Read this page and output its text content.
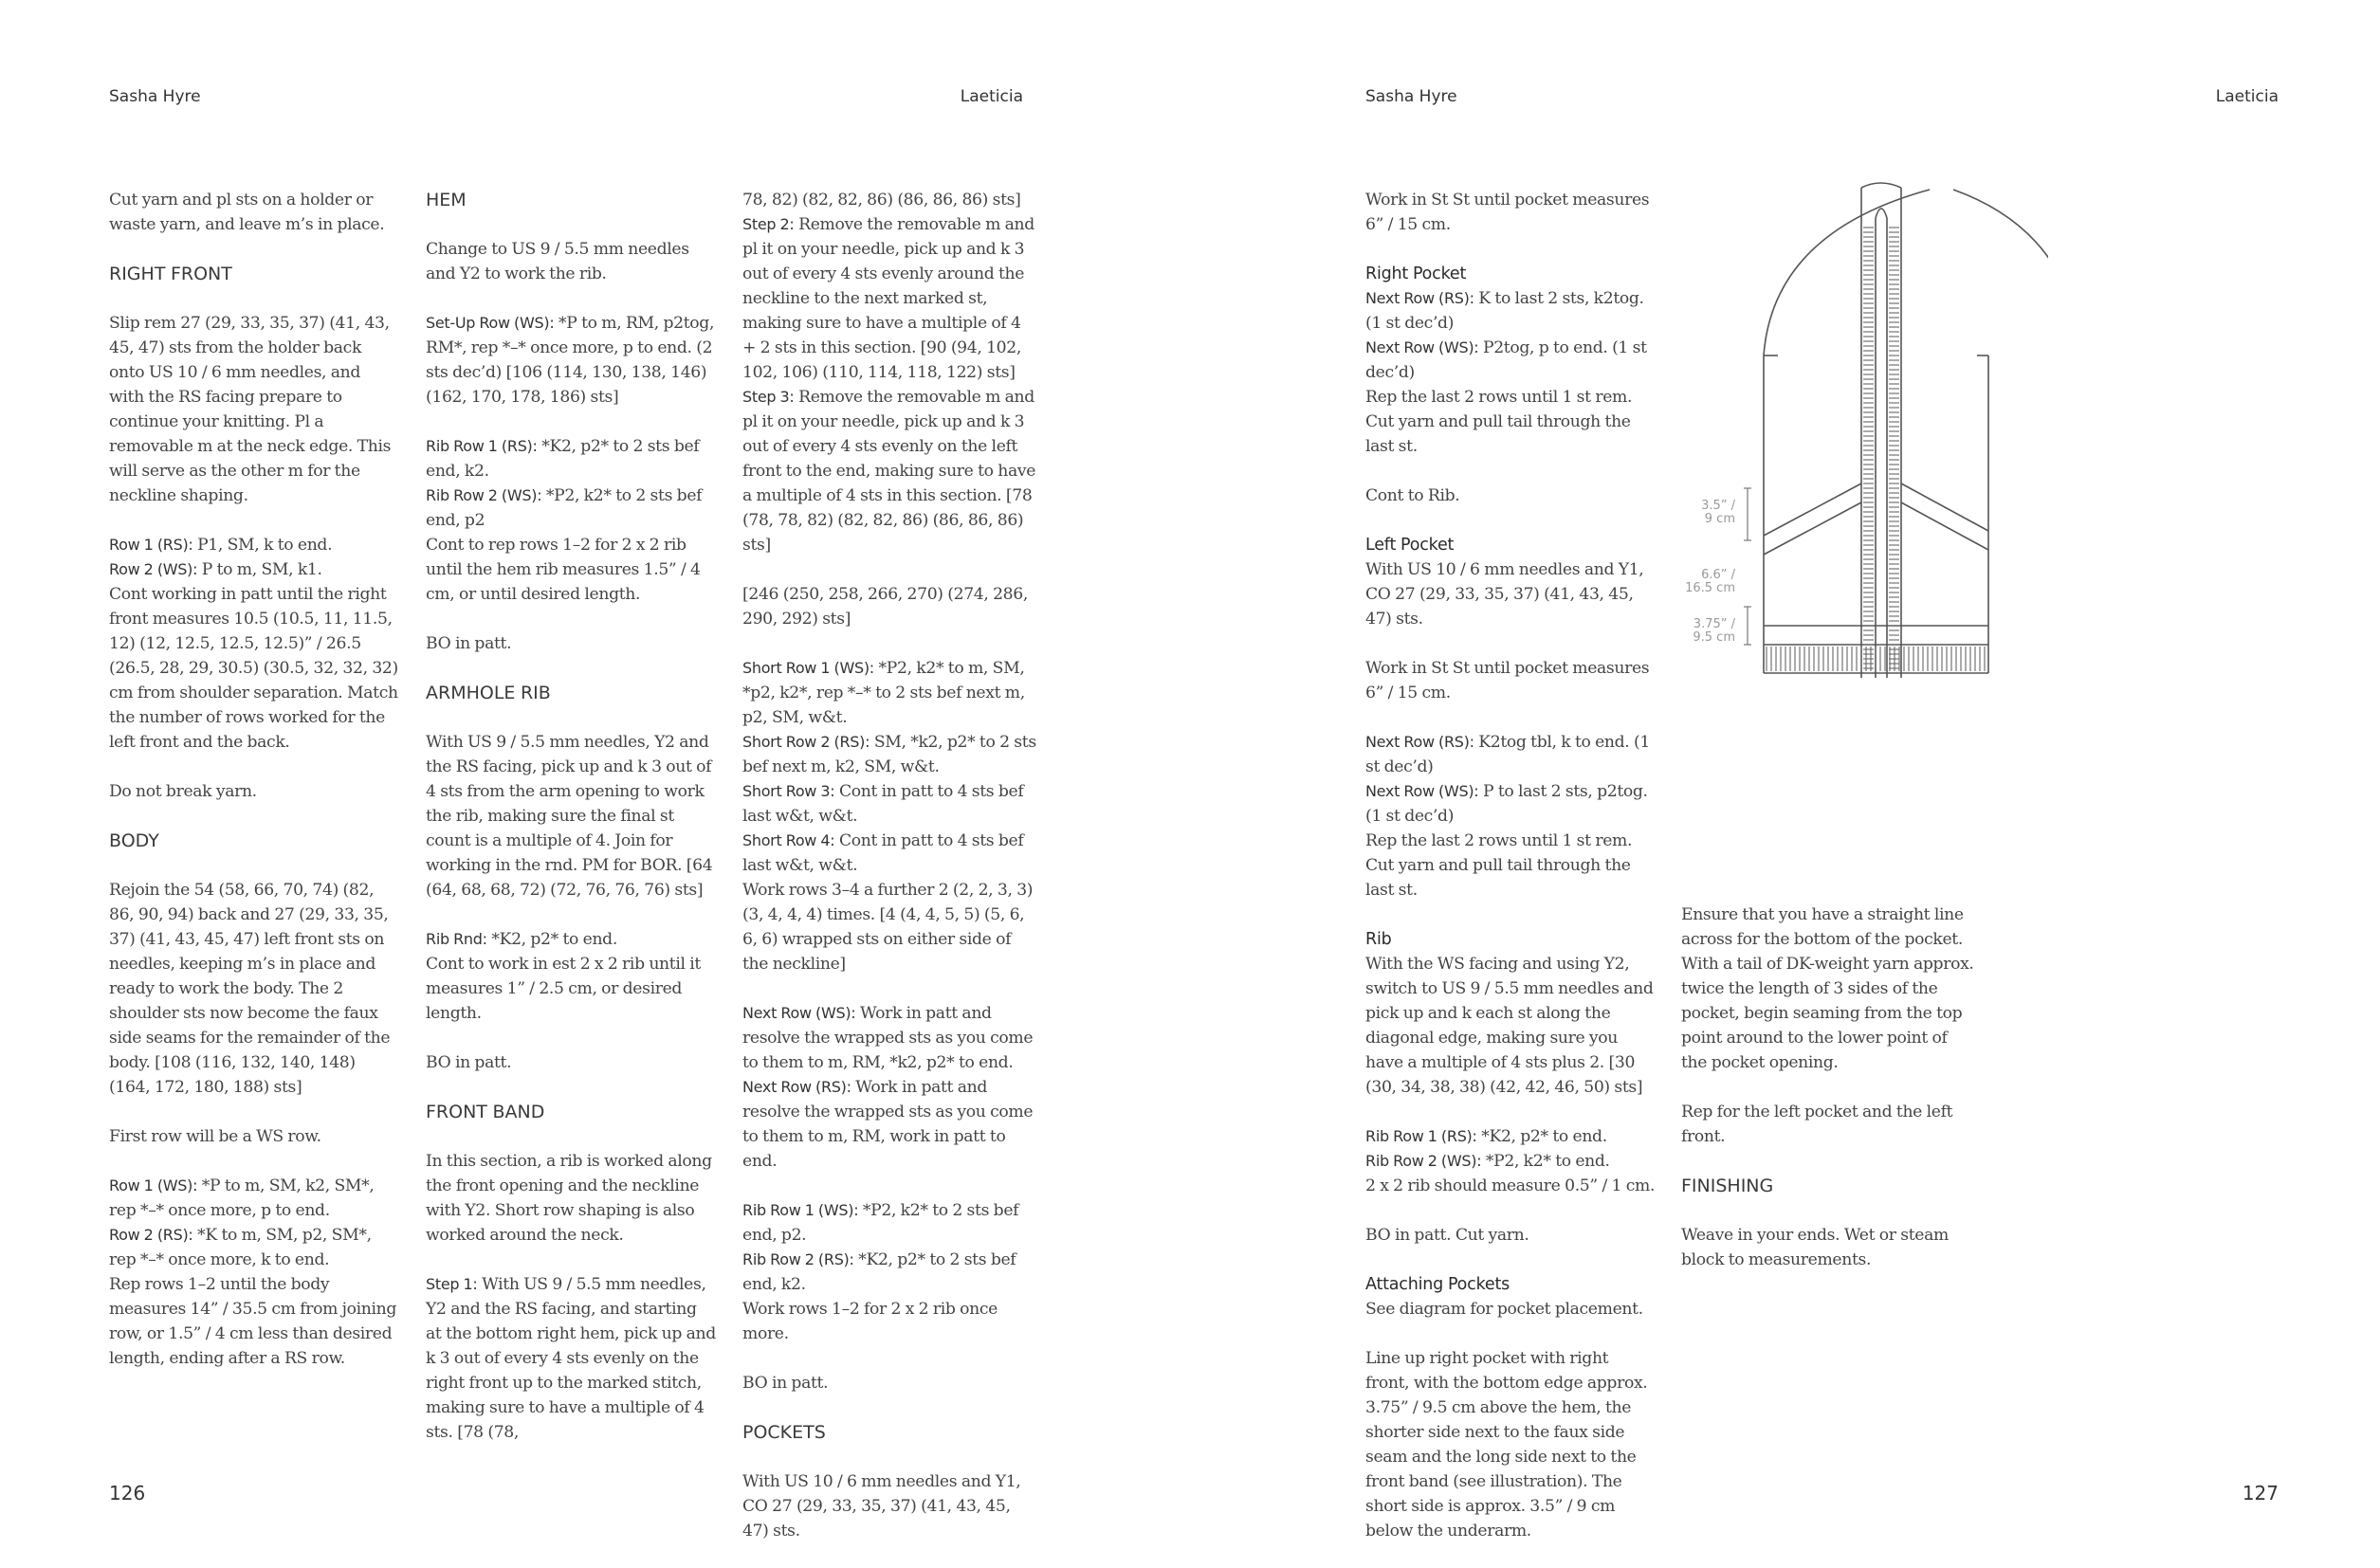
Sasha Hyre	Laeticia

Cut yarn and pl sts on a holder or waste yarn, and leave m’s in place.

RIGHT FRONT

Slip rem 27 (29, 33, 35, 37) (41, 43, 45, 47) sts from the holder back onto US 10 / 6 mm needles, and with the RS facing prepare to continue your knitting. Pl a removable m at the neck edge. This will serve as the other m for the neckline shaping.

Row 1 (RS): P1, SM, k to end.

Row 2 (WS): P to m, SM, k1.

Cont working in patt until the right front measures 10.5 (10.5, 11, 11.5, 12) (12, 12.5, 12.5, 12.5)” / 26.5 (26.5, 28, 29, 30.5) (30.5, 32, 32, 32) cm from shoulder separation. Match the number of rows worked for the left front and the back.

Do not break yarn.

BODY

Rejoin the 54 (58, 66, 70, 74) (82, 86, 90, 94) back and 27 (29, 33, 35, 37) (41, 43, 45, 47) left front sts on needles, keeping m’s in place and ready to work the body. The 2 shoulder sts now become the faux side seams for the remainder of the body. [108 (116, 132, 140, 148) (164, 172, 180, 188) sts]

First row will be a WS row.

Row 1 (WS): *P to m, SM, k2, SM*, rep *–* once more, p to end.

Row 2 (RS): *K to m, SM, p2, SM*, rep *–* once more, k to end.

Rep rows 1–2 until the body measures 14” / 35.5 cm from joining row, or 1.5” / 4 cm less than desired length, ending after a RS row.

HEM

Change to US 9 / 5.5 mm needles and Y2 to work the rib.

Set-Up Row (WS): *P to m, RM, p2tog, RM*, rep *–* once more, p to end. (2 sts dec’d) [106 (114, 130, 138, 146) (162, 170, 178, 186) sts]

Rib Row 1 (RS): *K2, p2* to 2 sts bef end, k2.

Rib Row 2 (WS): *P2, k2* to 2 sts bef end, p2

Cont to rep rows 1–2 for 2 x 2 rib until the hem rib measures 1.5” / 4 cm, or until desired length.

BO in patt.

ARMHOLE RIB

With US 9 / 5.5 mm needles, Y2 and the RS facing, pick up and k 3 out of 4 sts from the arm opening to work the rib, making sure the final st count is a multiple of 4. Join for working in the rnd. PM for BOR. [64 (64, 68, 68, 72) (72, 76, 76, 76) sts]

Rib Rnd: *K2, p2* to end.

Cont to work in est 2 x 2 rib until it measures 1” / 2.5 cm, or desired length.

BO in patt.

FRONT BAND

In this section, a rib is worked along the front opening and the neckline with Y2. Short row shaping is also worked around the neck.

Step 1: With US 9 / 5.5 mm needles, Y2 and the RS facing, and starting at the bottom right hem, pick up and k 3 out of every 4 sts evenly on the right front up to the marked stitch, making sure to have a multiple of 4 sts. [78 (78,

78, 82) (82, 82, 86) (86, 86, 86) sts]

Step 2: Remove the removable m and pl it on your needle, pick up and k 3 out of every 4 sts evenly around the neckline to the next marked st, making sure to have a multiple of 4 + 2 sts in this section. [90 (94, 102, 102, 106) (110, 114, 118, 122) sts]

Step 3: Remove the removable m and pl it on your needle, pick up and k 3 out of every 4 sts evenly on the left front to the end, making sure to have a multiple of 4 sts in this section. [78 (78, 78, 82) (82, 82, 86) (86, 86, 86) sts]

[246 (250, 258, 266, 270) (274, 286, 290, 292) sts]

Short Row 1 (WS): *P2, k2* to m, SM, *p2, k2*, rep *–* to 2 sts bef next m, p2, SM, w&t.

Short Row 2 (RS): SM, *k2, p2* to 2 sts bef next m, k2, SM, w&t.

Short Row 3: Cont in patt to 4 sts bef last w&t, w&t.

Short Row 4: Cont in patt to 4 sts bef last w&t, w&t.

Work rows 3–4 a further 2 (2, 2, 3, 3) (3, 4, 4, 4) times. [4 (4, 4, 5, 5) (5, 6, 6, 6) wrapped sts on either side of the neckline]

Next Row (WS): Work in patt and resolve the wrapped sts as you come to them to m, RM, *k2, p2* to end.

Next Row (RS): Work in patt and resolve the wrapped sts as you come to them to m, RM, work in patt to end.

Rib Row 1 (WS): *P2, k2* to 2 sts bef end, p2.

Rib Row 2 (RS): *K2, p2* to 2 sts bef end, k2.

Work rows 1–2 for 2 x 2 rib once more.

BO in patt.

POCKETS

With US 10 / 6 mm needles and Y1, CO 27 (29, 33, 35, 37) (41, 43, 45, 47) sts.

126
Sasha Hyre	Laeticia

Work in St St until pocket measures 6” / 15 cm.

Right Pocket

Next Row (RS): K to last 2 sts, k2tog. (1 st dec’d)

Next Row (WS): P2tog, p to end. (1 st dec’d)

Rep the last 2 rows until 1 st rem. Cut yarn and pull tail through the last st.

Cont to Rib.

Left Pocket

With US 10 / 6 mm needles and Y1, CO 27 (29, 33, 35, 37) (41, 43, 45, 47) sts.

Work in St St until pocket measures 6” / 15 cm.

Next Row (RS): K2tog tbl, k to end. (1 st dec’d)

Next Row (WS): P to last 2 sts, p2tog. (1 st dec’d)

Rep the last 2 rows until 1 st rem. Cut yarn and pull tail through the last st.

Rib

With the WS facing and using Y2, switch to US 9 / 5.5 mm needles and pick up and k each st along the diagonal edge, making sure you have a multiple of 4 sts plus 2. [30 (30, 34, 38, 38) (42, 42, 46, 50) sts]

Rib Row 1 (RS): *K2, p2* to end.

Rib Row 2 (WS): *P2, k2* to end.

2 x 2 rib should measure 0.5” / 1 cm.

BO in patt. Cut yarn.

Attaching Pockets

See diagram for pocket placement.

Line up right pocket with right front, with the bottom edge approx. 3.75” / 9.5 cm above the hem, the shorter side next to the faux side seam and the long side next to the front band (see illustration). The short side is approx. 3.5” / 9 cm below the underarm.

Ensure that you have a straight line across for the bottom of the pocket. With a tail of DK-weight yarn approx. twice the length of 3 sides of the pocket, begin seaming from the top point around to the lower point of the pocket opening.

Rep for the left pocket and the left front.

FINISHING

Weave in your ends. Wet or steam block to measurements.

127
3.5” /
9 cm
6.6” /
16.5 cm
3.75” /
9.5 cm
